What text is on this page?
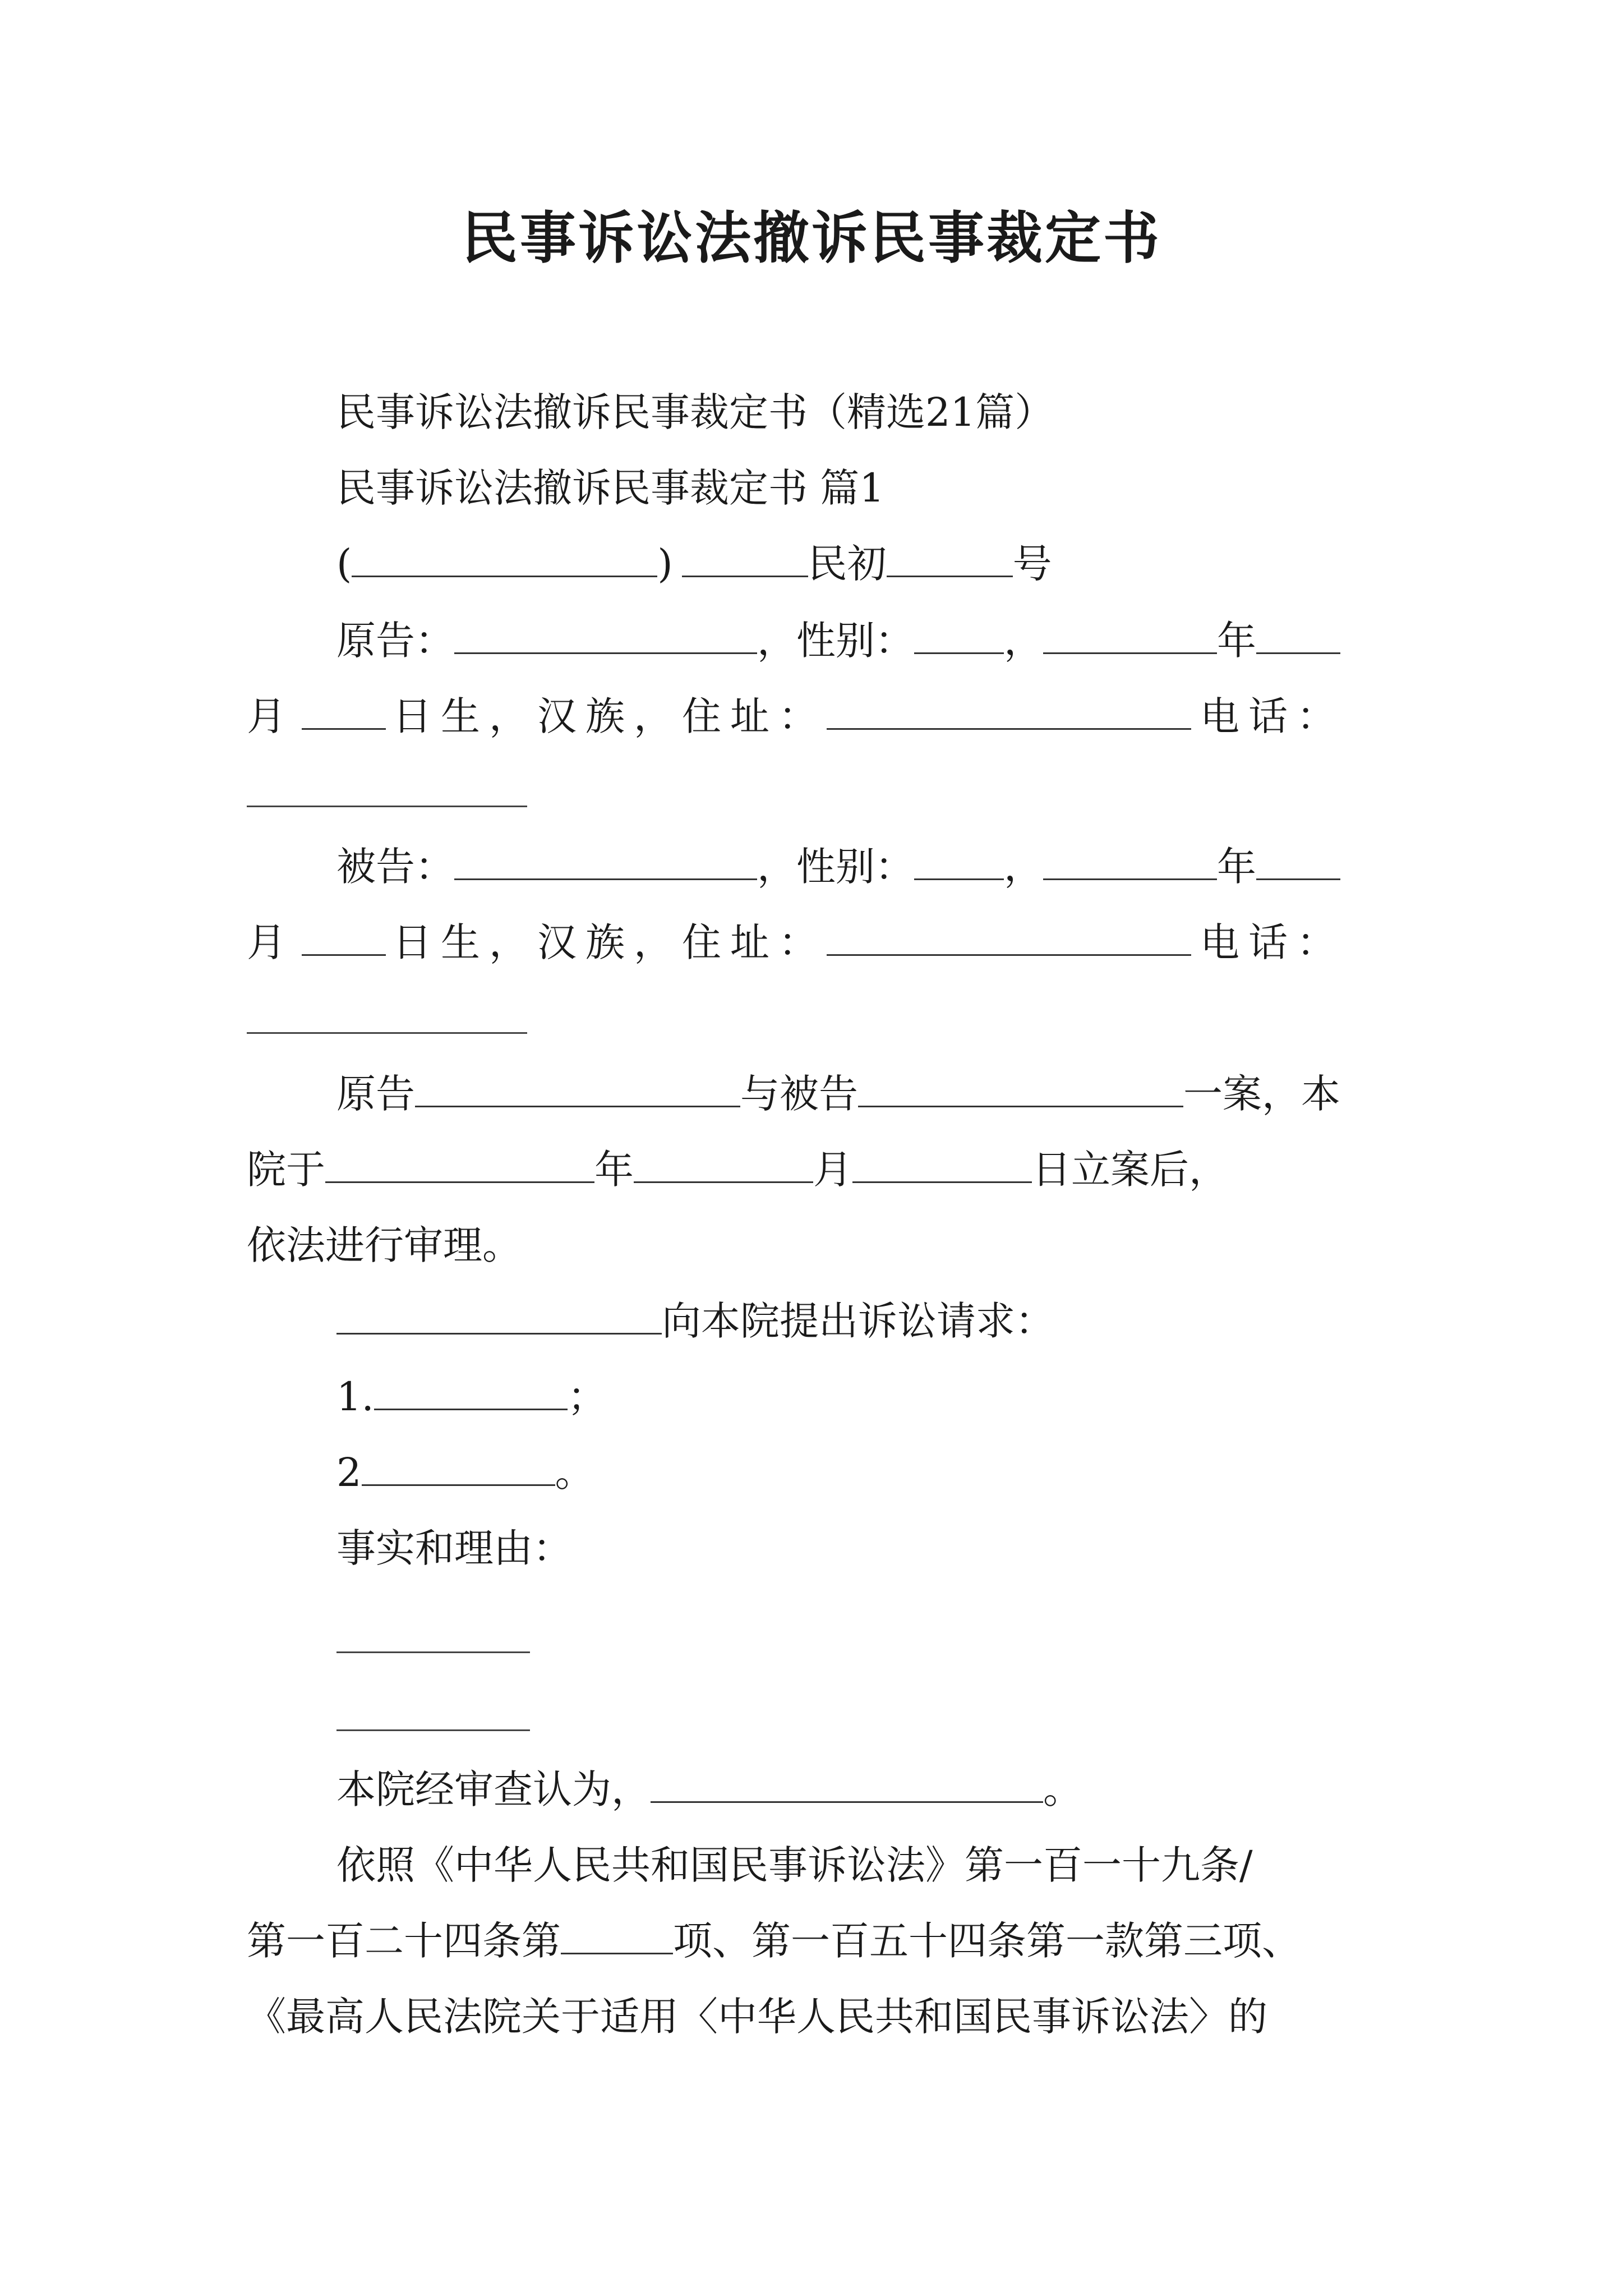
民事诉讼法撤诉民事裁定书
民事诉讼法撤诉民事裁定书（精选21篇）
民事诉讼法撤诉民事裁定书 篇1
(	)	民初	号
原告：	，性别： ，	年
月 日生，汉族，住址：	电话：
被告：	，性别： ，	年
月 日生，汉族，住址：	电话：
原告	与被告	一案，本
院于	年	月	日立案后，
依法进行审理。
向本院提出诉讼请求：
1.	；
2	。
事实和理由：
本院经审查认为，	。
依照《中华人民共和国民事诉讼法》第一百一十九条/
第一百二十四条第	项、第一百五十四条第一款第三项、
《最高人民法院关于适用〈中华人民共和国民事诉讼法〉的
